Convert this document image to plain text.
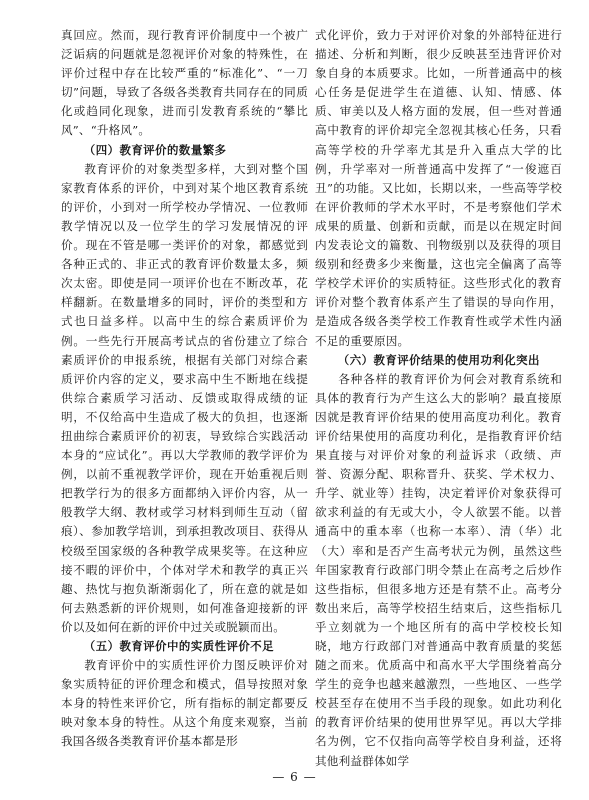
真回应。然而，现行教育评价制度中一个被广泛诟病的问题就是忽视评价对象的特殊性，在评价过程中存在比较严重的“标准化”、“一刀切”问题，导致了各级各类教育共同存在的同质化或趋同化现象，进而引发教育系统的“攀比风”、“升格风”。

（四）教育评价的数量繁多

教育评价的对象类型多样，大到对整个国家教育体系的评价，中到对某个地区教育系统的评价，小到对一所学校办学情况、一位教师教学情况以及一位学生的学习发展情况的评价。现在不管是哪一类评价的对象，都感觉到各种正式的、非正式的教育评价数量太多，频次太密。即使是同一项评价也在不断改革，花样翻新。在数量增多的同时，评价的类型和方式也日益多样。以高中生的综合素质评价为例。一些先行开展高考试点的省份建立了综合素质评价的申报系统，根据有关部门对综合素质评价内容的定义，要求高中生不断地在线提供综合素质学习活动、反馈或取得成绩的证明，不仅给高中生造成了极大的负担，也逐渐扭曲综合素质评价的初衷，导致综合实践活动本身的“应试化”。再以大学教师的教学评价为例，以前不重视教学评价，现在开始重视后则把教学行为的很多方面都纳入评价内容，从一般教学大纲、教材或学习材料到师生互动（留痕）、参加教学培训，到承担教改项目、获得从校级至国家级的各种教学成果奖等。在这种应接不暇的评价中，个体对学术和教学的真正兴趣、热忱与抱负渐渐弱化了，所在意的就是如何去熟悉新的评价规则，如何准备迎接新的评价以及如何在新的评价中过关或脱颖而出。

（五）教育评价中的实质性评价不足

教育评价中的实质性评价力图反映评价对象实质特征的评价理念和模式，倡导按照对象本身的特性来评价它，所有指标的制定都要反映对象本身的特性。从这个角度来观察，当前我国各级各类教育评价基本都是形

式化评价，致力于对评价对象的外部特征进行描述、分析和判断，很少反映甚至违背评价对象自身的本质要求。比如，一所普通高中的核心任务是促进学生在道德、认知、情感、体质、审美以及人格方面的发展，但一些对普通高中教育的评价却完全忽视其核心任务，只看高等学校的升学率尤其是升入重点大学的比例，升学率对一所普通高中发挥了“一俊遮百丑”的功能。又比如，长期以来，一些高等学校在评价教师的学术水平时，不是考察他们学术成果的质量、创新和贡献，而是以在规定时间内发表论文的篇数、刊物级别以及获得的项目级别和经费多少来衡量，这也完全偏离了高等学校学术评价的实质特征。这些形式化的教育评价对整个教育体系产生了错误的导向作用，是造成各级各类学校工作教育性或学术性内涵不足的重要原因。

（六）教育评价结果的使用功利化突出

各种各样的教育评价为何会对教育系统和具体的教育行为产生这么大的影响？最直接原因就是教育评价结果的使用高度功利化。教育评价结果使用的高度功利化，是指教育评价结果直接与对评价对象的利益诉求（政绩、声誉、资源分配、职称晋升、获奖、学术权力、升学、就业等）挂钩，决定着评价对象获得可欲求利益的有无或大小，令人欲罢不能。以普通高中的重本率（也称一本率）、清（华）北（大）率和是否产生高考状元为例，虽然这些年国家教育行政部门明令禁止在高考之后炒作这些指标，但很多地方还是有禁不止。高考分数出来后，高等学校招生结束后，这些指标几乎立刻就为一个地区所有的高中学校校长知晓，地方行政部门对普通高中教育质量的奖惩随之而来。优质高中和高水平大学围绕着高分学生的竞争也越来越激烈，一些地区、一些学校甚至存在使用不当手段的现象。如此功利化的教育评价结果的使用世界罕见。再以大学排名为例，它不仅指向高等学校自身利益，还将其他利益群体如学

— 6 —
